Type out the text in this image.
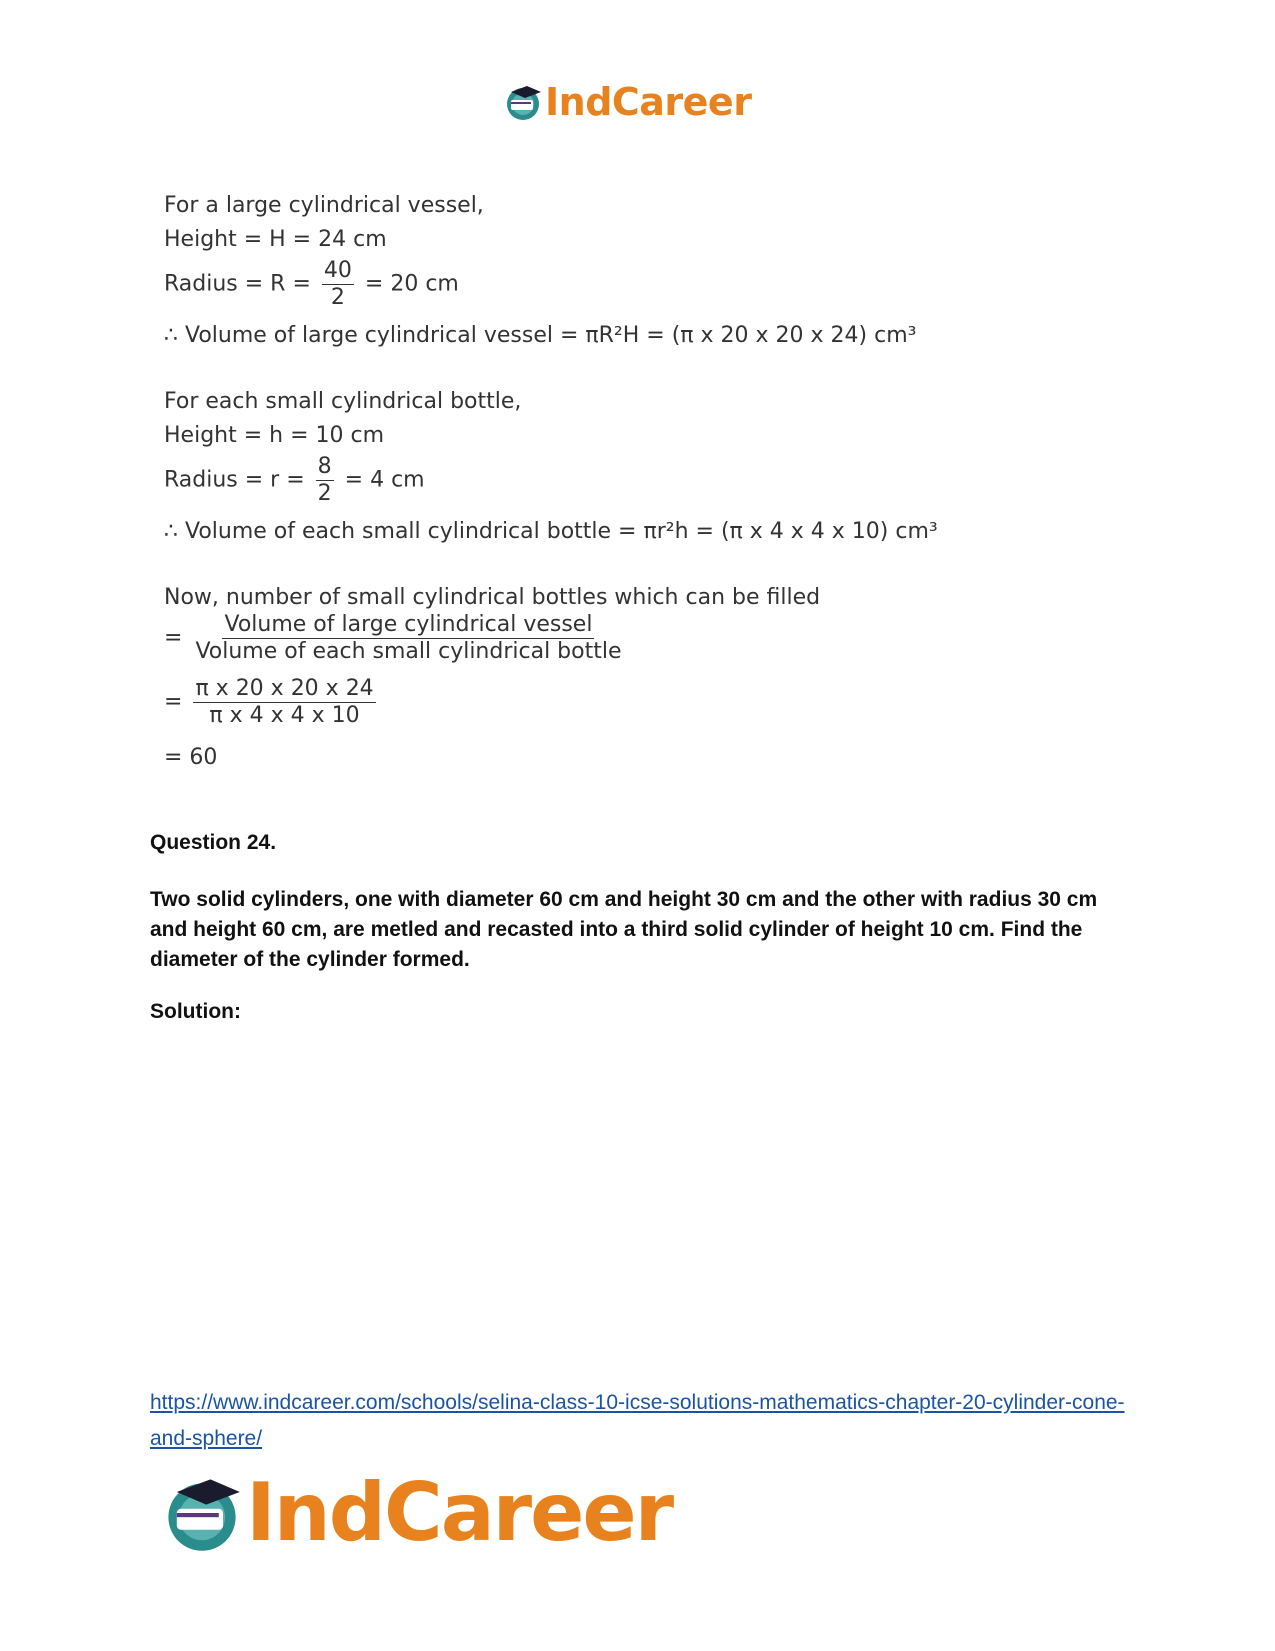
IndCareer
For a large cylindrical vessel,
Height = H = 24 cm
Radius = $R = \frac{40}{2} = 20$ cm
∴ Volume of large cylindrical vessel = πR²H = (π x 20 x 20 x 24) cm³
For each small cylindrical bottle,
Height = h = 10 cm
Radius = $r = \frac{8}{2} = 4$ cm
∴ Volume of each small cylindrical bottle = πr²h = (π x 4 x 4 x 10) cm³
Now, number of small cylindrical bottles which can be filled
= $\frac{\text{Volume of large cylindrical vessel}}{\text{Volume of each small cylindrical bottle}}$
= $\frac{\text{π x 20 x 20 x 24}}{\text{π x 4 x 4 x 10}}$
= 60
Question 24.
Two solid cylinders, one with diameter 60 cm and height 30 cm and the other with radius 30 cm and height 60 cm, are metled and recasted into a third solid cylinder of height 10 cm. Find the diameter of the cylinder formed.
Solution:
https://www.indcareer.com/schools/selina-class-10-icse-solutions-mathematics-chapter-20-cylinder-cone-and-sphere/
IndCareer
